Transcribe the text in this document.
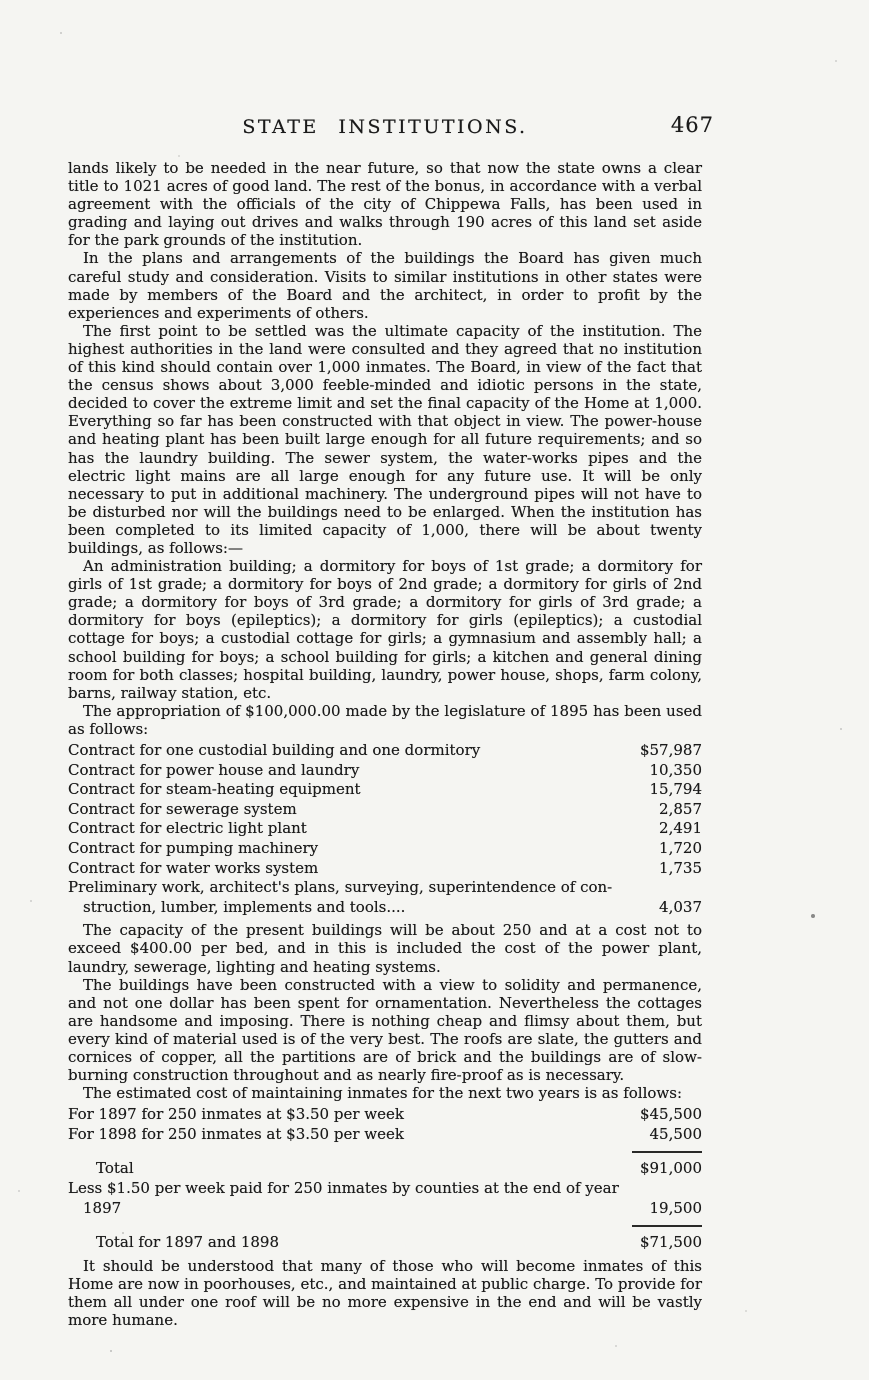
STATE INSTITUTIONS.	467

lands likely to be needed in the near future, so that now the state owns a clear title to 1021 acres of good land. The rest of the bonus, in accordance with a verbal agreement with the officials of the city of Chippewa Falls, has been used in grading and laying out drives and walks through 190 acres of this land set aside for the park grounds of the institution.

In the plans and arrangements of the buildings the Board has given much careful study and consideration. Visits to similar institutions in other states were made by members of the Board and the architect, in order to profit by the experiences and experiments of others.

The first point to be settled was the ultimate capacity of the institution. The highest authorities in the land were consulted and they agreed that no institution of this kind should contain over 1,000 inmates. The Board, in view of the fact that the census shows about 3,000 feeble-minded and idiotic persons in the state, decided to cover the extreme limit and set the final capacity of the Home at 1,000. Everything so far has been constructed with that object in view. The power-house and heating plant has been built large enough for all future requirements; and so has the laundry building. The sewer system, the water-works pipes and the electric light mains are all large enough for any future use. It will be only necessary to put in additional machinery. The underground pipes will not have to be disturbed nor will the buildings need to be enlarged. When the institution has been completed to its limited capacity of 1,000, there will be about twenty buildings, as follows:—

An administration building; a dormitory for boys of 1st grade; a dormitory for girls of 1st grade; a dormitory for boys of 2nd grade; a dormitory for girls of 2nd grade; a dormitory for boys of 3rd grade; a dormitory for girls of 3rd grade; a dormitory for boys (epileptics); a dormitory for girls (epileptics); a custodial cottage for boys; a custodial cottage for girls; a gymnasium and assembly hall; a school building for boys; a school building for girls; a kitchen and general dining room for both classes; hospital building, laundry, power house, shops, farm colony, barns, railway station, etc.

The appropriation of $100,000.00 made by the legislature of 1895 has been used as follows:

Contract for one custodial building and one dormitory	$57,987
Contract for power house and laundry	10,350
Contract for steam-heating equipment	15,794
Contract for sewerage system	2,857
Contract for electric light plant	2,491
Contract for pumping machinery	1,720
Contract for water works system	1,735
Preliminary work, architect's plans, surveying, superintendence of con-
struction, lumber, implements and tools....	4,037

The capacity of the present buildings will be about 250 and at a cost not to exceed $400.00 per bed, and in this is included the cost of the power plant, laundry, sewerage, lighting and heating systems.

The buildings have been constructed with a view to solidity and permanence, and not one dollar has been spent for ornamentation. Nevertheless the cottages are handsome and imposing. There is nothing cheap and flimsy about them, but every kind of material used is of the very best. The roofs are slate, the gutters and cornices of copper, all the partitions are of brick and the buildings are of slow-burning construction throughout and as nearly fire-proof as is necessary.

The estimated cost of maintaining inmates for the next two years is as follows:

For 1897 for 250 inmates at $3.50 per week	$45,500
For 1898 for 250 inmates at $3.50 per week	45,500
Total	$91,000
Less $1.50 per week paid for 250 inmates by counties at the end of year
1897	19,500
Total for 1897 and 1898	$71,500

It should be understood that many of those who will become inmates of this Home are now in poorhouses, etc., and maintained at public charge. To provide for them all under one roof will be no more expensive in the end and will be vastly more humane.
